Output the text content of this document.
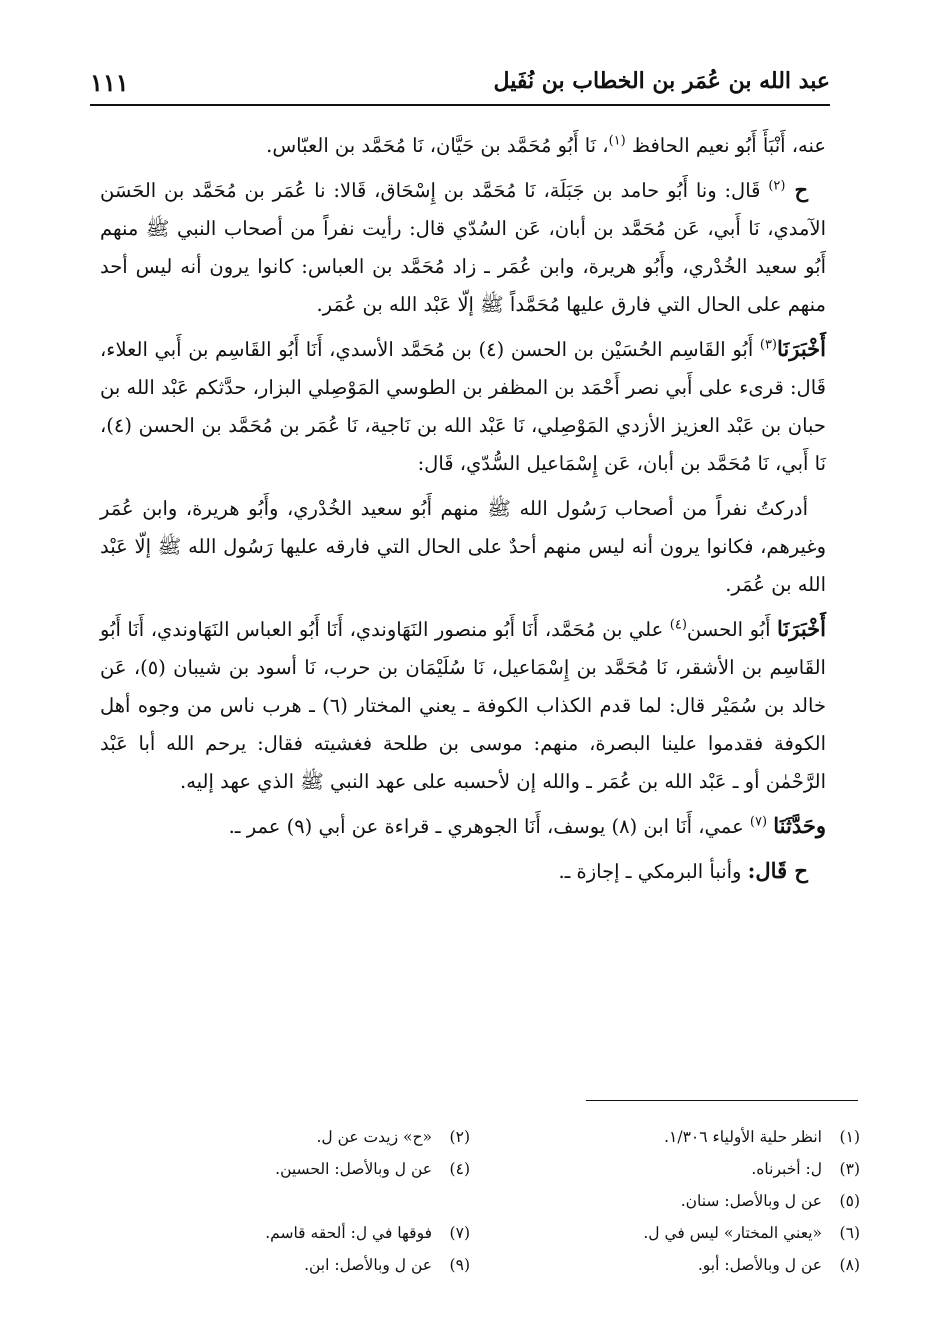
عبد الله بن عُمَر بن الخطاب بن نُفَيل
١١١

عنه، أَنْبَأَ أَبُو نعيم الحافظ $^{(١)}$، نَا أَبُو مُحَمَّد بن حَيَّان، نَا مُحَمَّد بن العبّاس.

ح $^{(٢)}$ قَال: ونا أَبُو حامد بن جَبَلَة، نَا مُحَمَّد بن إِسْحَاق، قَالا: نا عُمَر بن مُحَمَّد بن الحَسَن الآمدي، نَا أَبي، عَن مُحَمَّد بن أبان، عَن السُدّي قال: رأيت نفراً من أصحاب النبي ﷺ منهم أَبُو سعيد الخُدْري، وأَبُو هريرة، وابن عُمَر ـ زاد مُحَمَّد بن العباس: كانوا يرون أنه ليس أحد منهم على الحال التي فارق عليها مُحَمَّداً ﷺ إلّا عَبْد الله بن عُمَر.

أَخْبَرَنَا$^{(٣)}$ أَبُو القَاسِم الحُسَيْن بن الحسن (٤) بن مُحَمَّد الأسدي، أَنَا أَبُو القَاسِم بن أَبي العلاء، قَال: قرىء على أَبي نصر أَحْمَد بن المظفر بن الطوسي المَوْصِلي البزار، حدَّثكم عَبْد الله بن حبان بن عَبْد العزيز الأزدي المَوْصِلي، نَا عَبْد الله بن نَاجية، نَا عُمَر بن مُحَمَّد بن الحسن (٤)، نَا أَبي، نَا مُحَمَّد بن أبان، عَن إِسْمَاعيل السُّدّي، قَال:

أدركتُ نفراً من أصحاب رَسُول الله ﷺ منهم أَبُو سعيد الخُدْري، وأَبُو هريرة، وابن عُمَر وغيرهم، فكانوا يرون أنه ليس منهم أحدٌ على الحال التي فارقه عليها رَسُول الله ﷺ إلّا عَبْد الله بن عُمَر.

أَخْبَرَنَا أَبُو الحسن$^{(٤)}$ علي بن مُحَمَّد، أَنَا أَبُو منصور النَهَاوندي، أَنَا أَبُو العباس النَهَاوندي، أَنَا أَبُو القَاسِم بن الأشقر، نَا مُحَمَّد بن إِسْمَاعيل، نَا سُلَيْمَان بن حرب، نَا أسود بن شيبان (٥)، عَن خالد بن سُمَيْر قال: لما قدم الكذاب الكوفة ـ يعني المختار (٦) ـ هرب ناس من وجوه أهل الكوفة فقدموا علينا البصرة، منهم: موسى بن طلحة فغشيته فقال: يرحم الله أبا عَبْد الرَّحْمٰن أو ـ عَبْد الله بن عُمَر ـ والله إن لأحسبه على عهد النبي ﷺ الذي عهد إليه.

وحَدَّثَنَا $^{(٧)}$ عمي، أَنَا ابن (٨) يوسف، أَنَا الجوهري ـ قراءة عن أبي (٩) عمر ـ.

ح قَال: وأنبأ البرمكي ـ إجازة ـ.

(١)انظر حلية الأولياء ١/٣٠٦.
(٣)ل: أخبرناه.
(٥)عن ل وبالأصل: سنان.
(٦)«يعني المختار» ليس في ل.
(٨)عن ل وبالأصل: أبو.
(٢)«ح» زيدت عن ل.
(٤)عن ل وبالأصل: الحسين.
(٧)فوقها في ل: ألحقه قاسم.
(٩)عن ل وبالأصل: ابن.
